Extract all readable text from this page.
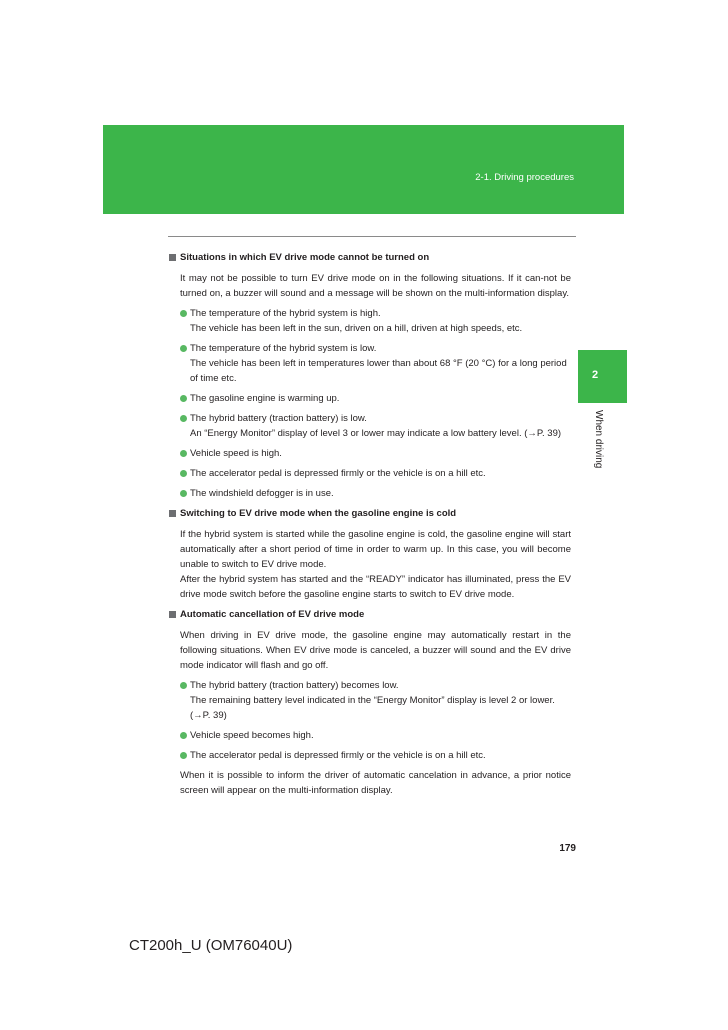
2-1. Driving procedures
2
When driving
Situations in which EV drive mode cannot be turned on

It may not be possible to turn EV drive mode on in the following situations. If it can-not be turned on, a buzzer will sound and a message will be shown on the multi-information display.

The temperature of the hybrid system is high.
The vehicle has been left in the sun, driven on a hill, driven at high speeds, etc.
The temperature of the hybrid system is low.
The vehicle has been left in temperatures lower than about 68 °F (20 °C) for a long period of time etc.
The gasoline engine is warming up.
The hybrid battery (traction battery) is low.
An “Energy Monitor” display of level 3 or lower may indicate a low battery level. (→P. 39)
Vehicle speed is high.
The accelerator pedal is depressed firmly or the vehicle is on a hill etc.
The windshield defogger is in use.
Switching to EV drive mode when the gasoline engine is cold

If the hybrid system is started while the gasoline engine is cold, the gasoline engine will start automatically after a short period of time in order to warm up. In this case, you will become unable to switch to EV drive mode.

After the hybrid system has started and the “READY” indicator has illuminated, press the EV drive mode switch before the gasoline engine starts to switch to EV drive mode.

Automatic cancellation of EV drive mode

When driving in EV drive mode, the gasoline engine may automatically restart in the following situations. When EV drive mode is canceled, a buzzer will sound and the EV drive mode indicator will flash and go off.

The hybrid battery (traction battery) becomes low.
The remaining battery level indicated in the “Energy Monitor” display is level 2 or lower. (→P. 39)
Vehicle speed becomes high.
The accelerator pedal is depressed firmly or the vehicle is on a hill etc.

When it is possible to inform the driver of automatic cancelation in advance, a prior notice screen will appear on the multi-information display.

179
CT200h_U (OM76040U)
